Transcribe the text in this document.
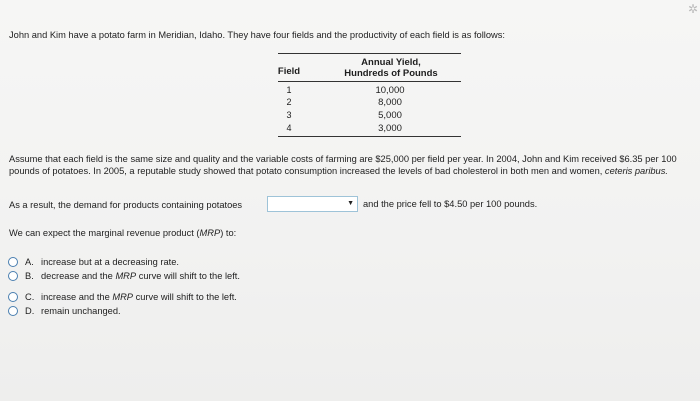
John and Kim have a potato farm in Meridian, Idaho. They have four fields and the productivity of each field is as follows:
Field
Annual Yield,
Hundreds of Pounds
1	10,000
2	8,000
3	5,000
4	3,000
Assume that each field is the same size and quality and the variable costs of farming are $25,000 per field per year. In 2004, John and Kim received $6.35 per 100 pounds of potatoes. In 2005, a reputable study showed that potato consumption increased the levels of bad cholesterol in both men and women, ceteris paribus.
As a result, the demand for products containing potatoes	▼ and the price fell to $4.50 per 100 pounds.
We can expect the marginal revenue product (MRP) to:
A. increase but at a decreasing rate.
B. decrease and the MRP curve will shift to the left.
C. increase and the MRP curve will shift to the left.
D. remain unchanged.
✲
